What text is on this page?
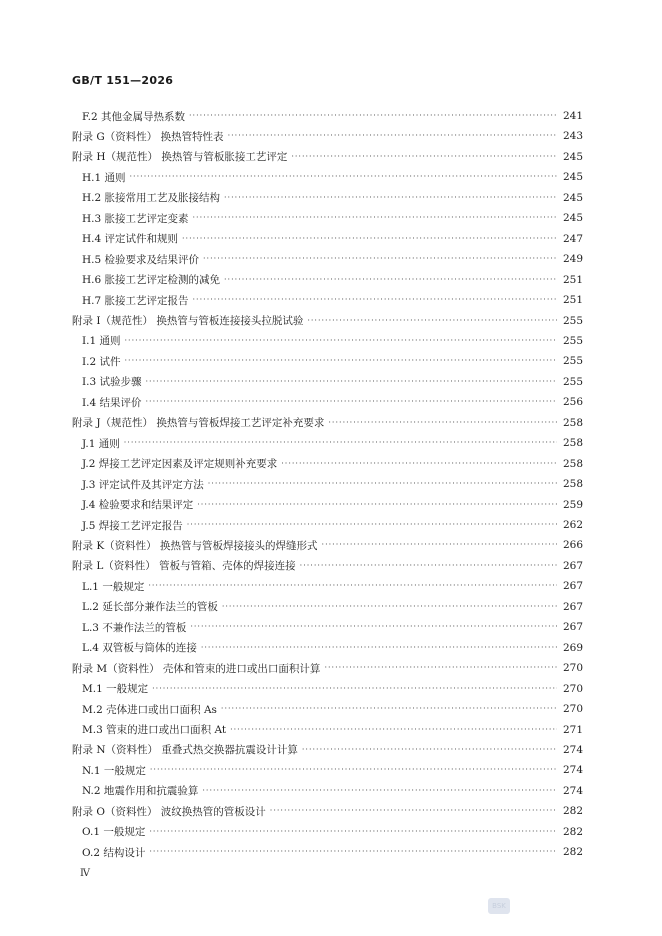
GB/T 151—2026
F.2 其他金属导热系数 ·····	241
附录 G（资料性） 换热管特性表 ·····	243
附录 H（规范性） 换热管与管板胀接工艺评定 ·····	245
H.1 通则 ·····	245
H.2 胀接常用工艺及胀接结构 ·····	245
H.3 胀接工艺评定变素 ·····	245
H.4 评定试件和规则 ·····	247
H.5 检验要求及结果评价 ·····	249
H.6 胀接工艺评定检测的减免 ·····	251
H.7 胀接工艺评定报告 ·····	251
附录 I（规范性） 换热管与管板连接接头拉脱试验 ·····	255
I.1 通则 ·····	255
I.2 试件 ·····	255
I.3 试验步骤 ·····	255
I.4 结果评价 ·····	256
附录 J（规范性） 换热管与管板焊接工艺评定补充要求 ·····	258
J.1 通则 ·····	258
J.2 焊接工艺评定因素及评定规则补充要求 ·····	258
J.3 评定试件及其评定方法 ·····	258
J.4 检验要求和结果评定 ·····	259
J.5 焊接工艺评定报告 ·····	262
附录 K（资料性） 换热管与管板焊接接头的焊缝形式 ·····	266
附录 L（资料性） 管板与管箱、壳体的焊接连接 ·····	267
L.1 一般规定 ·····	267
L.2 延长部分兼作法兰的管板 ·····	267
L.3 不兼作法兰的管板 ·····	267
L.4 双管板与筒体的连接 ·····	269
附录 M（资料性） 壳体和管束的进口或出口面积计算 ·····	270
M.1 一般规定 ·····	270
M.2 壳体进口或出口面积 As ·····	270
M.3 管束的进口或出口面积 At ·····	271
附录 N（资料性） 重叠式热交换器抗震设计计算 ·····	274
N.1 一般规定 ·····	274
N.2 地震作用和抗震验算 ·····	274
附录 O（资料性） 波纹换热管的管板设计 ·····	282
O.1 一般规定 ·····	282
O.2 结构设计 ·····	282
Ⅳ
BSK
